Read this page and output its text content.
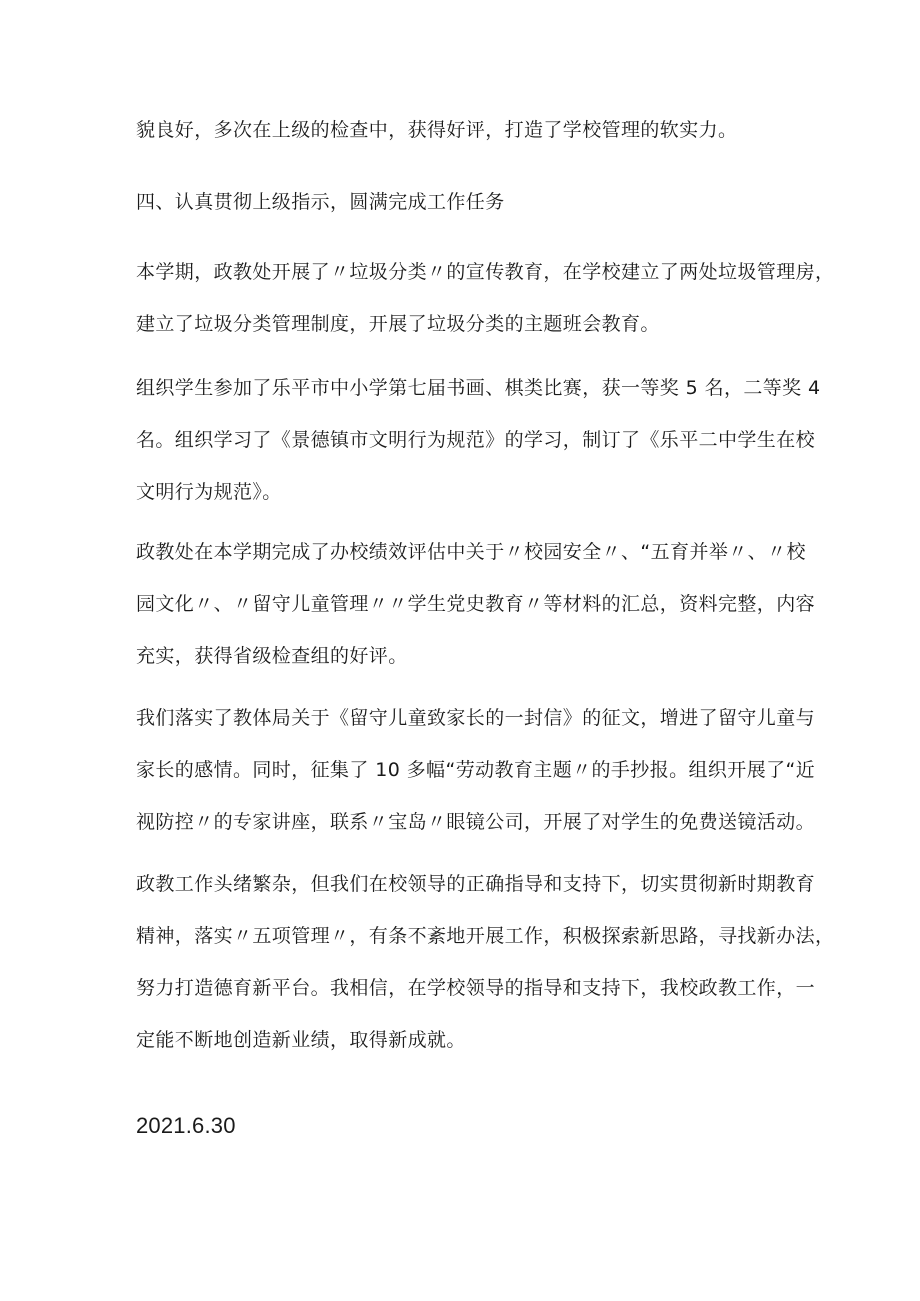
貌良好，多次在上级的检查中，获得好评，打造了学校管理的软实力。

四、认真贯彻上级指示，圆满完成工作任务

本学期，政教处开展了〃垃圾分类〃的宣传教育，在学校建立了两处垃圾管理房，
建立了垃圾分类管理制度，开展了垃圾分类的主题班会教育。

组织学生参加了乐平市中小学第七届书画、棋类比赛，获一等奖 5 名，二等奖 4
名。组织学习了《景德镇市文明行为规范》的学习，制订了《乐平二中学生在校
文明行为规范》。

政教处在本学期完成了办校绩效评估中关于〃校园安全〃、“五育并举〃、〃校
园文化〃、〃留守儿童管理〃〃学生党史教育〃等材料的汇总，资料完整，内容
充实，获得省级检查组的好评。

我们落实了教体局关于《留守儿童致家长的一封信》的征文，增进了留守儿童与
家长的感情。同时，征集了 10 多幅“劳动教育主题〃的手抄报。组织开展了“近
视防控〃的专家讲座，联系〃宝岛〃眼镜公司，开展了对学生的免费送镜活动。

政教工作头绪繁杂，但我们在校领导的正确指导和支持下，切实贯彻新时期教育
精神，落实〃五项管理〃，有条不紊地开展工作，积极探索新思路，寻找新办法，
努力打造德育新平台。我相信，在学校领导的指导和支持下，我校政教工作，一
定能不断地创造新业绩，取得新成就。

2021.6.30
